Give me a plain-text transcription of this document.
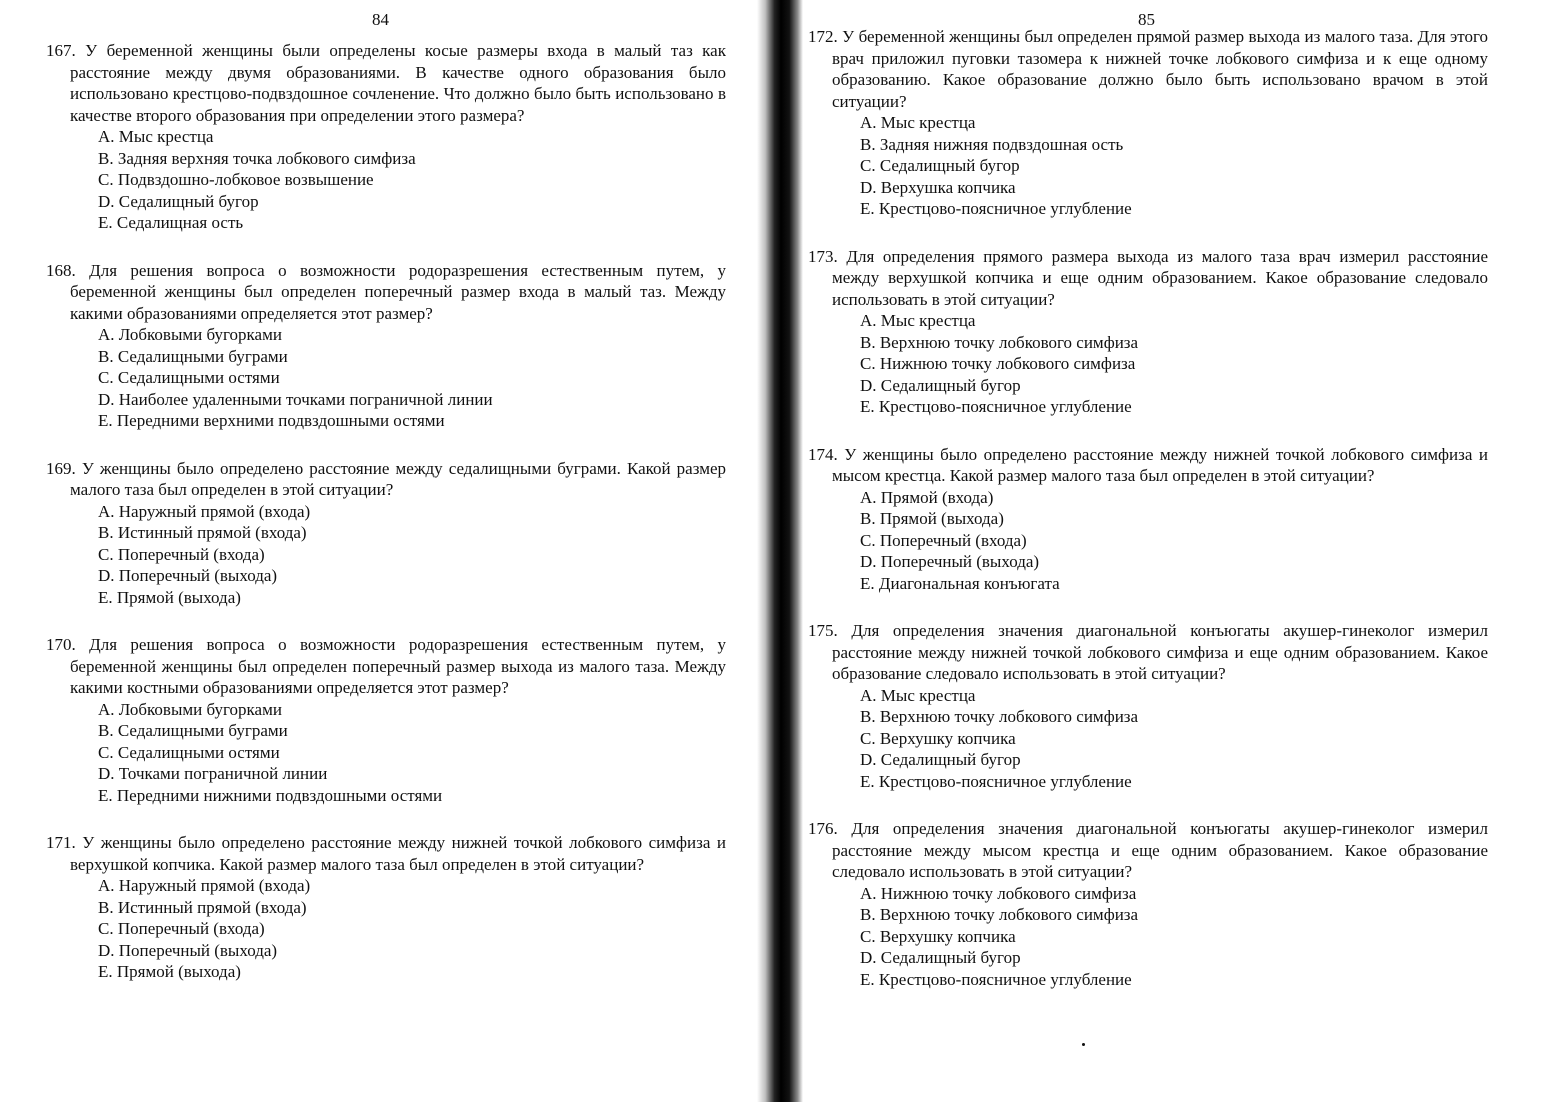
84	85
167. У беременной женщины были определены косые размеры входа в малый таз как расстояние между двумя образованиями. В качестве одного образования было использовано крестцово-подвздошное сочленение. Что должно было быть использовано в качестве второго образования при определении этого размера?
A. Мыс крестца
B. Задняя верхняя точка лобкового симфиза
C. Подвздошно-лобковое возвышение
D. Седалищный бугор
E. Седалищная ость
168. Для решения вопроса о возможности родоразрешения естественным путем, у беременной женщины был определен поперечный размер входа в малый таз. Между какими образованиями определяется этот размер?
A. Лобковыми бугорками
B. Седалищными буграми
C. Седалищными остями
D. Наиболее удаленными точками пограничной линии
E. Передними верхними подвздошными остями
169. У женщины было определено расстояние между седалищными буграми. Какой размер малого таза был определен в этой ситуации?
A. Наружный прямой (входа)
B. Истинный прямой (входа)
C. Поперечный (входа)
D. Поперечный (выхода)
E. Прямой (выхода)
170. Для решения вопроса о возможности родоразрешения естественным путем, у беременной женщины был определен поперечный размер выхода из малого таза. Между какими костными образованиями определяется этот размер?
A. Лобковыми бугорками
B. Седалищными буграми
C. Седалищными остями
D. Точками пограничной линии
E. Передними нижними подвздошными остями
171. У женщины было определено расстояние между нижней точкой лобкового симфиза и верхушкой копчика. Какой размер малого таза был определен в этой ситуации?
A. Наружный прямой (входа)
B. Истинный прямой (входа)
C. Поперечный (входа)
D. Поперечный (выхода)
E. Прямой (выхода)
172. У беременной женщины был определен прямой размер выхода из малого таза. Для этого врач приложил пуговки тазомера к нижней точке лобкового симфиза и к еще одному образованию. Какое образование должно было быть использовано врачом в этой ситуации?
A. Мыс крестца
B. Задняя нижняя подвздошная ость
C. Седалищный бугор
D. Верхушка копчика
E. Крестцово-поясничное углубление
173. Для определения прямого размера выхода из малого таза врач измерил расстояние между верхушкой копчика и еще одним образованием. Какое образование следовало использовать в этой ситуации?
A. Мыс крестца
B. Верхнюю точку лобкового симфиза
C. Нижнюю точку лобкового симфиза
D. Седалищный бугор
E. Крестцово-поясничное углубление
174. У женщины было определено расстояние между нижней точкой лобкового симфиза и мысом крестца. Какой размер малого таза был определен в этой ситуации?
A. Прямой (входа)
B. Прямой (выхода)
C. Поперечный (входа)
D. Поперечный (выхода)
E. Диагональная конъюгата
175. Для определения значения диагональной конъюгаты акушер-гинеколог измерил расстояние между нижней точкой лобкового симфиза и еще одним образованием. Какое образование следовало использовать в этой ситуации?
A. Мыс крестца
B. Верхнюю точку лобкового симфиза
C. Верхушку копчика
D. Седалищный бугор
E. Крестцово-поясничное углубление
176. Для определения значения диагональной конъюгаты акушер-гинеколог измерил расстояние между мысом крестца и еще одним образованием. Какое образование следовало использовать в этой ситуации?
A. Нижнюю точку лобкового симфиза
B. Верхнюю точку лобкового симфиза
C. Верхушку копчика
D. Седалищный бугор
E. Крестцово-поясничное углубление
